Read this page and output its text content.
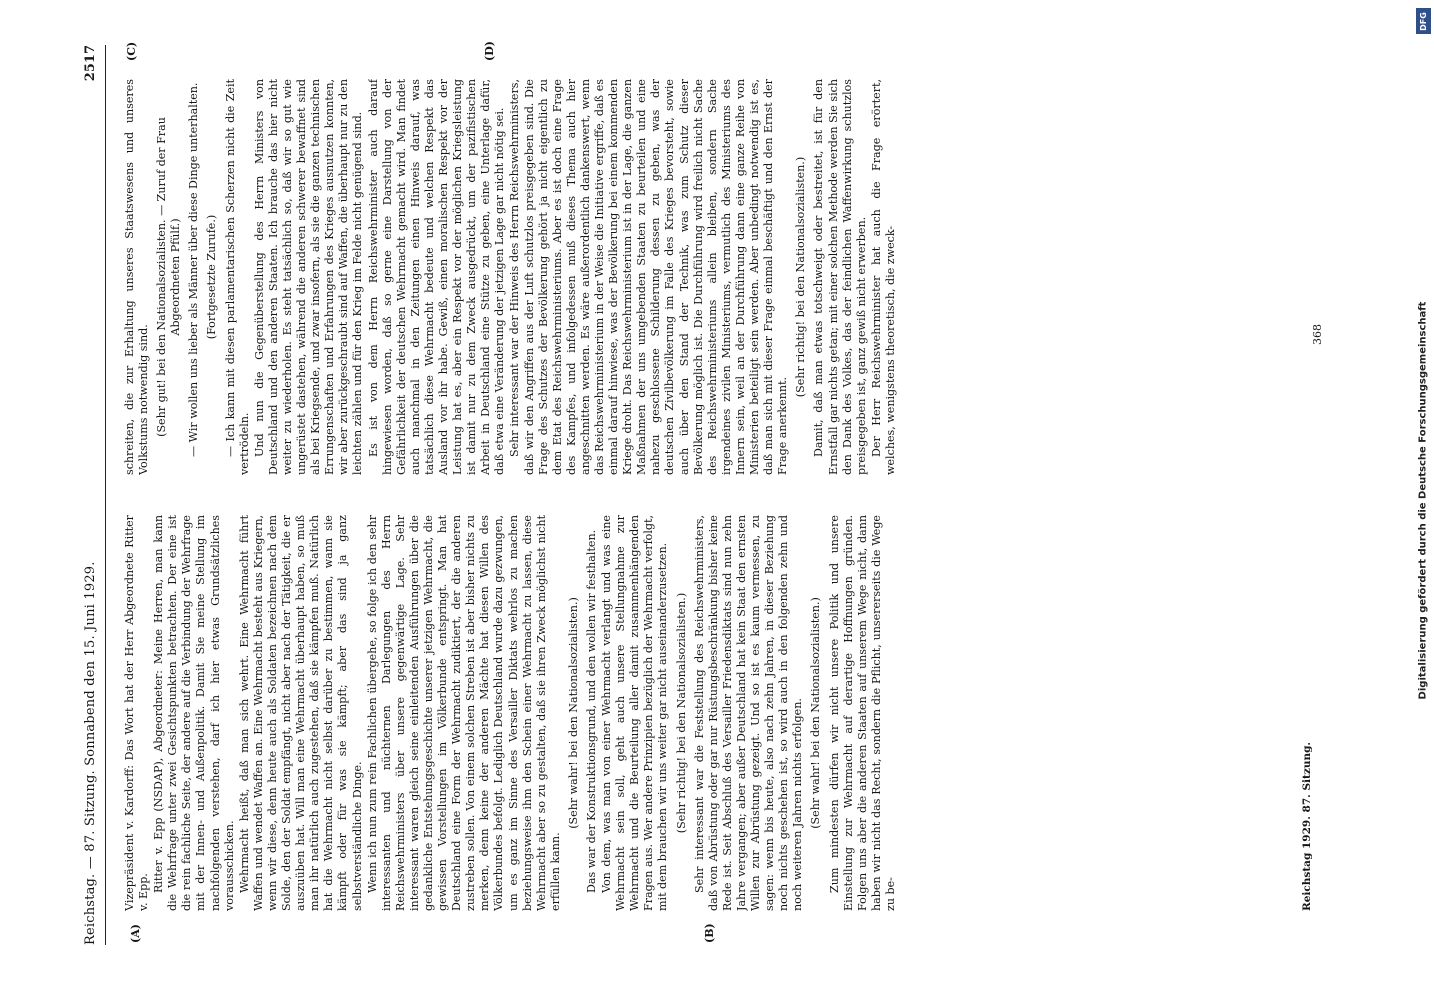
Digitalisierung gefördert durch die Deutsche Forschungsgemeinschaft
DFG
Reichstag. — 87. Sitzung. Sonnabend den 15. Juni 1929.
2517
(A)	(B)
(C)	(D)

Vizepräsident v. Kardorff: Das Wort hat der Herr Abgeordnete Ritter v. Epp. Ritter v. Epp (NSDAP), Abgeordneter: Meine Herren, man kann die Wehrfrage unter zwei Gesichtspunkten betrachten. Der eine ist die rein fachliche Seite, der andere auf die Verbindung der Wehrfrage mit der Innen- und Außenpolitik. Damit Sie meine Stellung im nachfolgenden verstehen, darf ich hier etwas Grundsätzliches vorausschicken. Wehrmacht heißt, daß man sich wehrt. Eine Wehrmacht führt Waffen und wendet Waffen an. Eine Wehrmacht besteht aus Kriegern, wenn wir diese, denn heute auch als Soldaten bezeichnen nach dem Solde, den der Soldat empfängt, nicht aber nach der Tätigkeit, die er auszuüben hat. Will man eine Wehrmacht überhaupt haben, so muß man ihr natürlich auch zugestehen, daß sie kämpfen muß. Natürlich hat die Wehrmacht nicht selbst darüber zu bestimmen, wann sie kämpft oder für was sie kämpft; aber das sind ja ganz selbstverständliche Dinge. Wenn ich nun zum rein Fachlichen übergehe, so folge ich den sehr interessanten und nüchternen Darlegungen des Herrn Reichswehrministers über unsere gegenwärtige Lage. Sehr interessant waren gleich seine einleitenden Ausführungen über die gedankliche Entstehungsgeschichte unserer jetzigen Wehrmacht, die gewissen Vorstellungen im Völkerbunde entspringt. Man hat Deutschland eine Form der Wehrmacht zudiktiert, der die anderen zustreben sollen. Von einem solchen Streben ist aber bisher nichts zu merken, denn keine der anderen Mächte hat diesen Willen des Völkerbundes befolgt. Lediglich Deutschland wurde dazu gezwungen, um es ganz im Sinne des Versailler Diktats wehrlos zu machen beziehungsweise ihm den Schein einer Wehrmacht zu lassen, diese Wehrmacht aber so zu gestalten, daß sie ihren Zweck möglichst nicht erfüllen kann.

(Sehr wahr! bei den Nationalsozialisten.) Das war der Konstruktionsgrund, und den wollen wir festhalten. Von dem, was man von einer Wehrmacht verlangt und was eine Wehrmacht sein soll, geht auch unsere Stellungnahme zur Wehrmacht und die Beurteilung aller damit zusammenhängenden Fragen aus. Wer andere Prinzipien bezüglich der Wehrmacht verfolgt, mit dem brauchen wir uns weiter gar nicht auseinanderzusetzen. (Sehr richtig! bei den Nationalsozialisten.) Sehr interessant war die Feststellung des Reichswehrministers, daß von Abrüstung oder gar nur Rüstungsbeschränkung bisher keine Rede ist. Seit Abschluß des Versailler Friedensdiktats sind nun zehn Jahre vergangen; aber außer Deutschland hat kein Staat den ernsten Willen zur Abrüstung gezeigt. Und so ist es kaum vermessen, zu sagen: wenn bis heute, also nach zehn Jahren, in dieser Beziehung noch nichts geschehen ist, so wird auch in den folgenden zehn und noch weiteren Jahren nichts erfolgen. (Sehr wahr! bei den Nationalsozialisten.) Zum mindesten dürfen wir nicht unsere Politik und unsere Einstellung zur Wehrmacht auf derartige Hoffnungen gründen. Folgen uns aber die anderen Staaten auf unserem Wege nicht, dann haben wir nicht das Recht, sondern die Pflicht, unsererseits die Wege zu be-

schreiten, die zur Erhaltung unseres Staatswesens und unseres Volkstums notwendig sind. (Sehr gut! bei den Nationalsozialisten. — Zuruf der Frau Abgeordneten Pfülf.) — Wir wollen uns lieber als Männer über diese Dinge unterhalten. (Fortgesetzte Zurufe.) — Ich kann mit diesen parlamentarischen Scherzen nicht die Zeit vertrödeln. Und nun die Gegenüberstellung des Herrn Ministers von Deutschland und den anderen Staaten. Ich brauche das hier nicht weiter zu wiederholen. Es steht tatsächlich so, daß wir so gut wie ungerüstet dastehen, während die anderen schwerer bewaffnet sind als bei Kriegsende, und zwar insofern, als sie die ganzen technischen Errungenschaften und Erfahrungen des Krieges ausnutzen konnten, wir aber zurückgeschraubt sind auf Waffen, die überhaupt nur zu den leichten zählen und für den Krieg im Felde nicht genügend sind. Es ist von dem Herrn Reichswehrminister auch darauf hingewiesen worden, daß so gerne eine Darstellung von der Gefährlichkeit der deutschen Wehrmacht gemacht wird. Man findet auch manchmal in den Zeitungen einen Hinweis darauf, was tatsächlich diese Wehrmacht bedeute und welchen Respekt das Ausland vor ihr habe. Gewiß, einen moralischen Respekt vor der Leistung hat es, aber ein Respekt vor der möglichen Kriegsleistung ist damit nur zu dem Zweck ausgedrückt, um der pazifistischen Arbeit in Deutschland eine Stütze zu geben, eine Unterlage dafür, daß etwa eine Veränderung der jetzigen Lage gar nicht nötig sei. Sehr interessant war der Hinweis des Herrn Reichswehrministers, daß wir den Angriffen aus der Luft schutzlos preisgegeben sind. Die Frage des Schutzes der Bevölkerung gehört ja nicht eigentlich zu dem Etat des Reichswehrministeriums. Aber es ist doch eine Frage des Kampfes, und infolgedessen muß dieses Thema auch hier angeschnitten werden. Es wäre außerordentlich dankenswert, wenn das Reichswehrministerium in der Weise die Initiative ergriffe, daß es einmal darauf hinwiese, was der Bevölkerung bei einem kommenden Kriege droht. Das Reichswehrministerium ist in der Lage, die ganzen Maßnahmen der uns umgebenden Staaten zu beurteilen und eine nahezu geschlossene Schilderung dessen zu geben, was der deutschen Zivilbevölkerung im Falle des Krieges bevorsteht, sowie auch über den Stand der Technik, was zum Schutz dieser Bevölkerung möglich ist. Die Durchführung wird freilich nicht Sache des Reichswehrministeriums allein bleiben, sondern Sache irgendeines zivilen Ministeriums, vermutlich des Ministeriums des Innern sein, weil an der Durchführung dann eine ganze Reihe von Ministerien beteiligt sein werden. Aber unbedingt notwendig ist es, daß man sich mit dieser Frage einmal beschäftigt und den Ernst der Frage anerkennt.

(Sehr richtig! bei den Nationalsozialisten.) Damit, daß man etwas totschweigt oder bestreitet, ist für den Ernstfall gar nichts getan; mit einer solchen Methode werden Sie sich den Dank des Volkes, das der feindlichen Waffenwirkung schutzlos preisgegeben ist, ganz gewiß nicht erwerben. Der Herr Reichswehrminister hat auch die Frage erörtert, welches, wenigstens theoretisch, die zweck-

Reichstag 1929. 87. Sitzung.
368
